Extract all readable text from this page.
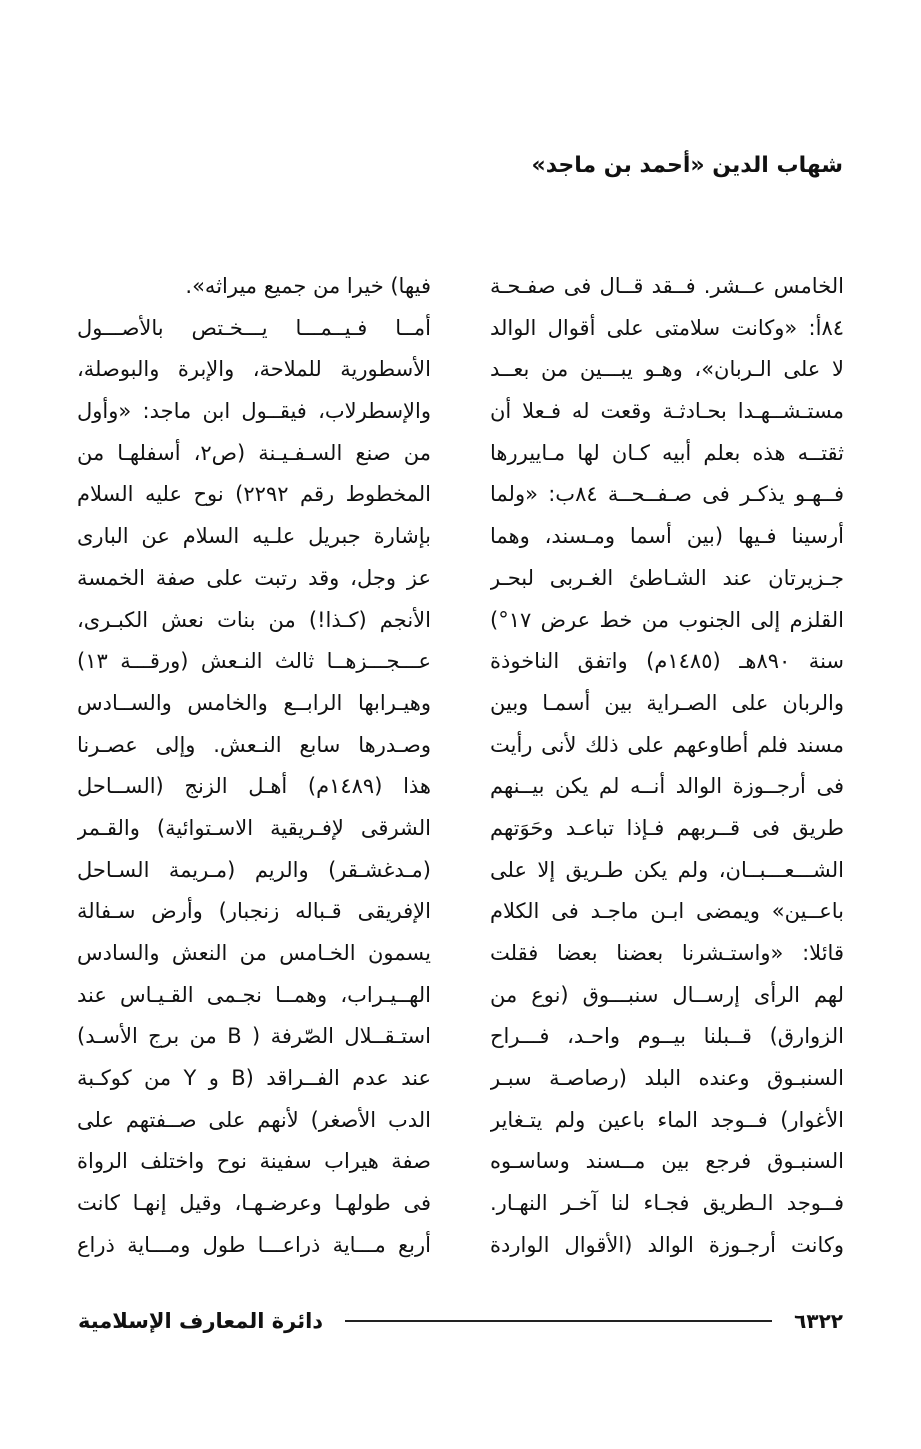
شهاب الدين «أحمد بن ماجد»
الخامس عــشر. فــقد قــال فى صفـحـة
٨٤أ: «وكانت سلامتى على أقوال الوالد
لا على الـربان»، وهـو يبـــين من بعــد
مستـشــهـدا بحـادثـة وقعت له فـعلا أن
ثقتــه هذه بعلم أبيه كـان لها مـاييررها
فــهـو يذكـر فى صـفــحــة ٨٤ب: «ولما
أرسينا فـيها (بين أسما ومـسند، وهما
جـزيرتان عند الشـاطئ الغـربى لبحـر
القلزم إلى الجنوب من خط عرض ١٧°)
سنة ٨٩٠هـ (١٤٨٥م) واتفق الناخوذة
والربان على الصـراية بين أسمـا وبين
مسند فلم أطاوعهم على ذلك لأنى رأيت
فى أرجــوزة الوالد أنــه لم يكن بيــنهم
طريق فى قــربهم فـإذا تباعـد وحَوَتهم
الشـــعـــبــان، ولم يكن طـريق إلا على
باعــين» ويمضى ابـن ماجـد فى الكلام
قائلا: «واستـشرنا بعضنا بعضا فقلت
لهم الرأى إرســال سنبـــوق (نوع من
الزوارق) قــبلنا بيــوم واحـد، فـــراح
السنبـوق وعنده البلد (رصاصـة سبـر
الأغوار) فــوجد الماء باعين ولم يتـغاير
السنبـوق فرجع بين مــسند وساسـوه
فــوجد الـطريق فجـاء لنا آخـر النهـار.
وكانت أرجـوزة الوالد (الأقوال الواردة
فيها) خيرا من جميع ميراثه».
أمــا فـيــمـــا يـــخـتص بالأصـــول
الأسطورية للملاحة، والإبرة والبوصلة،
والإسطرلاب، فيقــول ابن ماجد: «وأول
من صنع السـفـيـنة (ص٢، أسفلهـا من
المخطوط رقم ٢٢٩٢) نوح عليه السلام
بإشارة جبريل علـيه السلام عن البارى
عز وجل، وقد رتبت على صفة الخمسة
الأنجم (كـذا!) من بنات نعش الكبـرى،
عـــجـــزهــا ثالث النـعش (ورقـــة ١٣)
وهيـرابها الرابــع والخامس والســادس
وصـدرها سابع النـعش. وإلى عصـرنا
هذا (١٤٨٩م) أهـل الزنج (الســاحل
الشرقى لإفـريقية الاسـتوائية) والقـمر
(مـدغشـقر) والريم (مـريمة السـاحل
الإفريقى قـباله زنجبار) وأرض سـفالة
يسمون الخـامس من النعش والسادس
الهــيـراب، وهمــا نجـمى القـيـاس عند
استـقــلال الصّرفة ( B من برج الأسـد)
عند عدم الفــراقد (B و Y من كوكـبة
الدب الأصغر) لأنهم على صــفتهم على
صفة هيراب سفينة نوح واختلف الرواة
فى طولهـا وعرضـهـا، وقيل إنهـا كانت
أربع مـــاية ذراعـــا طول ومـــاية ذراع
٦٣٢٢
دائرة المعارف الإسلامية
